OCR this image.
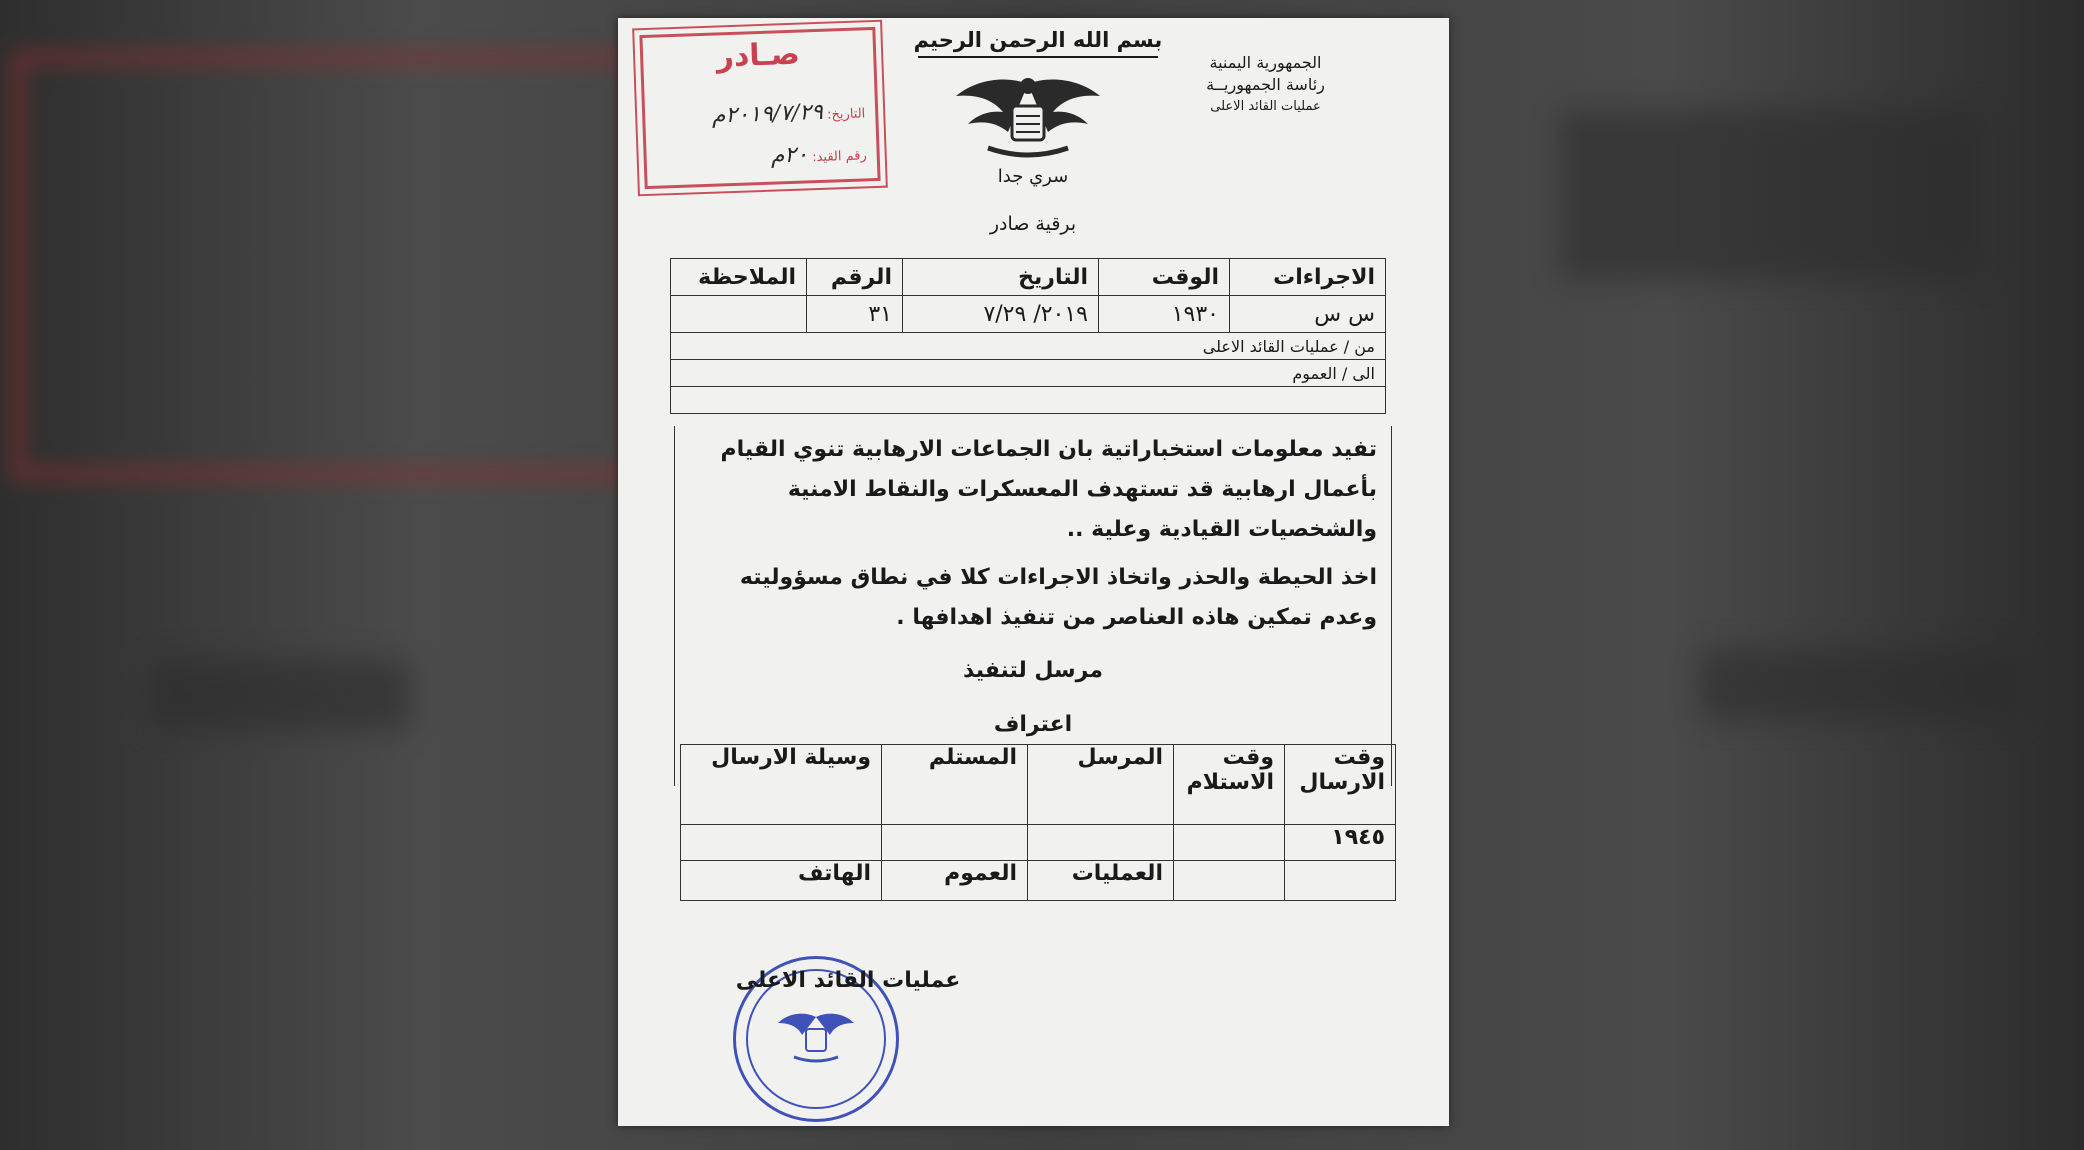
صـادر
التاريخ: ٢٠١٩/٧/٢٩م
رقم القيد: ٢٠م
بسم الله الرحمن الرحيم
الجمهورية اليمنية
رئاسة الجمهوريــة
عمليات القائد الاعلى
سري جدا
برقية صادر
الاجراءات	الوقت	التاريخ	الرقم	الملاحظة
س س	١٩٣٠	٢٠١٩/ ٧/٢٩	٣١	
من / عمليات القائد الاعلى				
الى / العموم				

تفيد معلومات استخباراتية بان الجماعات الارهابية تنوي القيام بأعمال ارهابية قد تستهدف المعسكرات والنقاط الامنية والشخصيات القيادية وعلية ..
اخذ الحيطة والحذر واتخاذ الاجراءات كلا في نطاق مسؤوليته وعدم تمكين هاذه العناصر من تنفيذ اهدافها .
مرسل لتنفيذ
اعتراف
وقت الارسال	وقت الاستلام	المرسل	المستلم	وسيلة الارسال
١٩٤٥				
		العمليات	العموم	الهاتف
عمليات القائد الاعلى
